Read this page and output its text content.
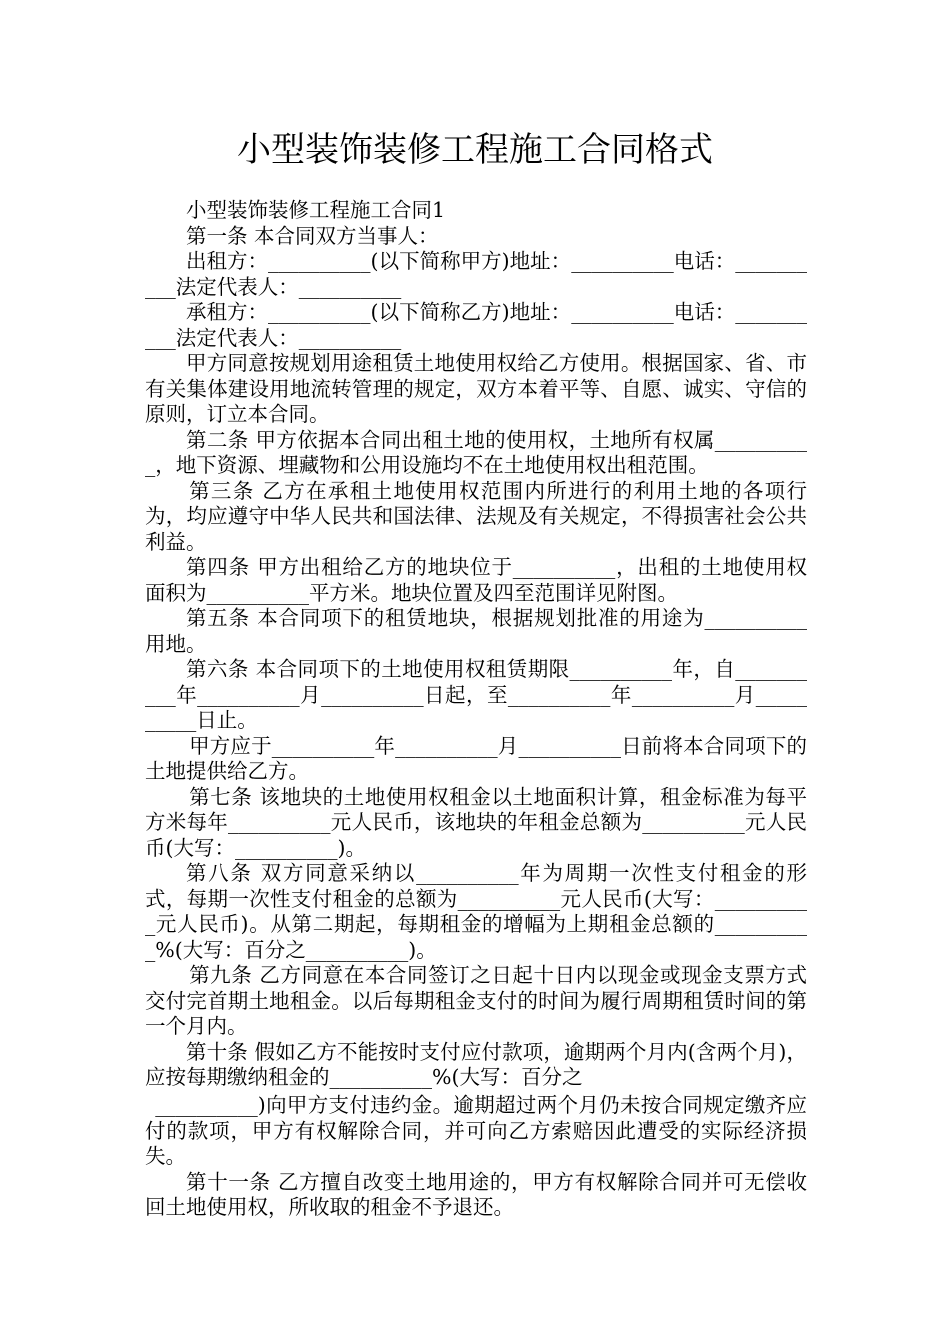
小型装饰装修工程施工合同格式

小型装饰装修工程施工合同1

第一条 本合同双方当事人：

出租方：__________(以下简称甲方)地址：__________电话：__________法定代表人：__________

承租方：__________(以下简称乙方)地址：__________电话：__________法定代表人：__________

甲方同意按规划用途租赁土地使用权给乙方使用。根据国家、省、市有关集体建设用地流转管理的规定，双方本着平等、自愿、诚实、守信的原则，订立本合同。

第二条 甲方依据本合同出租土地的使用权，土地所有权属__________，地下资源、埋藏物和公用设施均不在土地使用权出租范围。

第三条 乙方在承租土地使用权范围内所进行的利用土地的各项行为，均应遵守中华人民共和国法律、法规及有关规定，不得损害社会公共利益。

第四条 甲方出租给乙方的地块位于__________，出租的土地使用权面积为__________平方米。地块位置及四至范围详见附图。

第五条 本合同项下的租赁地块，根据规划批准的用途为__________用地。

第六条 本合同项下的土地使用权租赁期限__________年，自__________年__________月__________日起，至__________年__________月__________日止。

甲方应于__________年__________月__________日前将本合同项下的土地提供给乙方。

第七条 该地块的土地使用权租金以土地面积计算，租金标准为每平方米每年__________元人民币，该地块的年租金总额为__________元人民币(大写：__________)。

第八条 双方同意采纳以__________年为周期一次性支付租金的形式，每期一次性支付租金的总额为__________元人民币(大写：__________元人民币)。从第二期起，每期租金的增幅为上期租金总额的__________%(大写：百分之__________)。

第九条 乙方同意在本合同签订之日起十日内以现金或现金支票方式交付完首期土地租金。以后每期租金支付的时间为履行周期租赁时间的第一个月内。

第十条 假如乙方不能按时支付应付款项，逾期两个月内(含两个月)，应按每期缴纳租金的__________%(大写：百分之

__________)向甲方支付违约金。逾期超过两个月仍未按合同规定缴齐应付的款项，甲方有权解除合同，并可向乙方索赔因此遭受的实际经济损失。

第十一条 乙方擅自改变土地用途的，甲方有权解除合同并可无偿收回土地使用权，所收取的租金不予退还。
